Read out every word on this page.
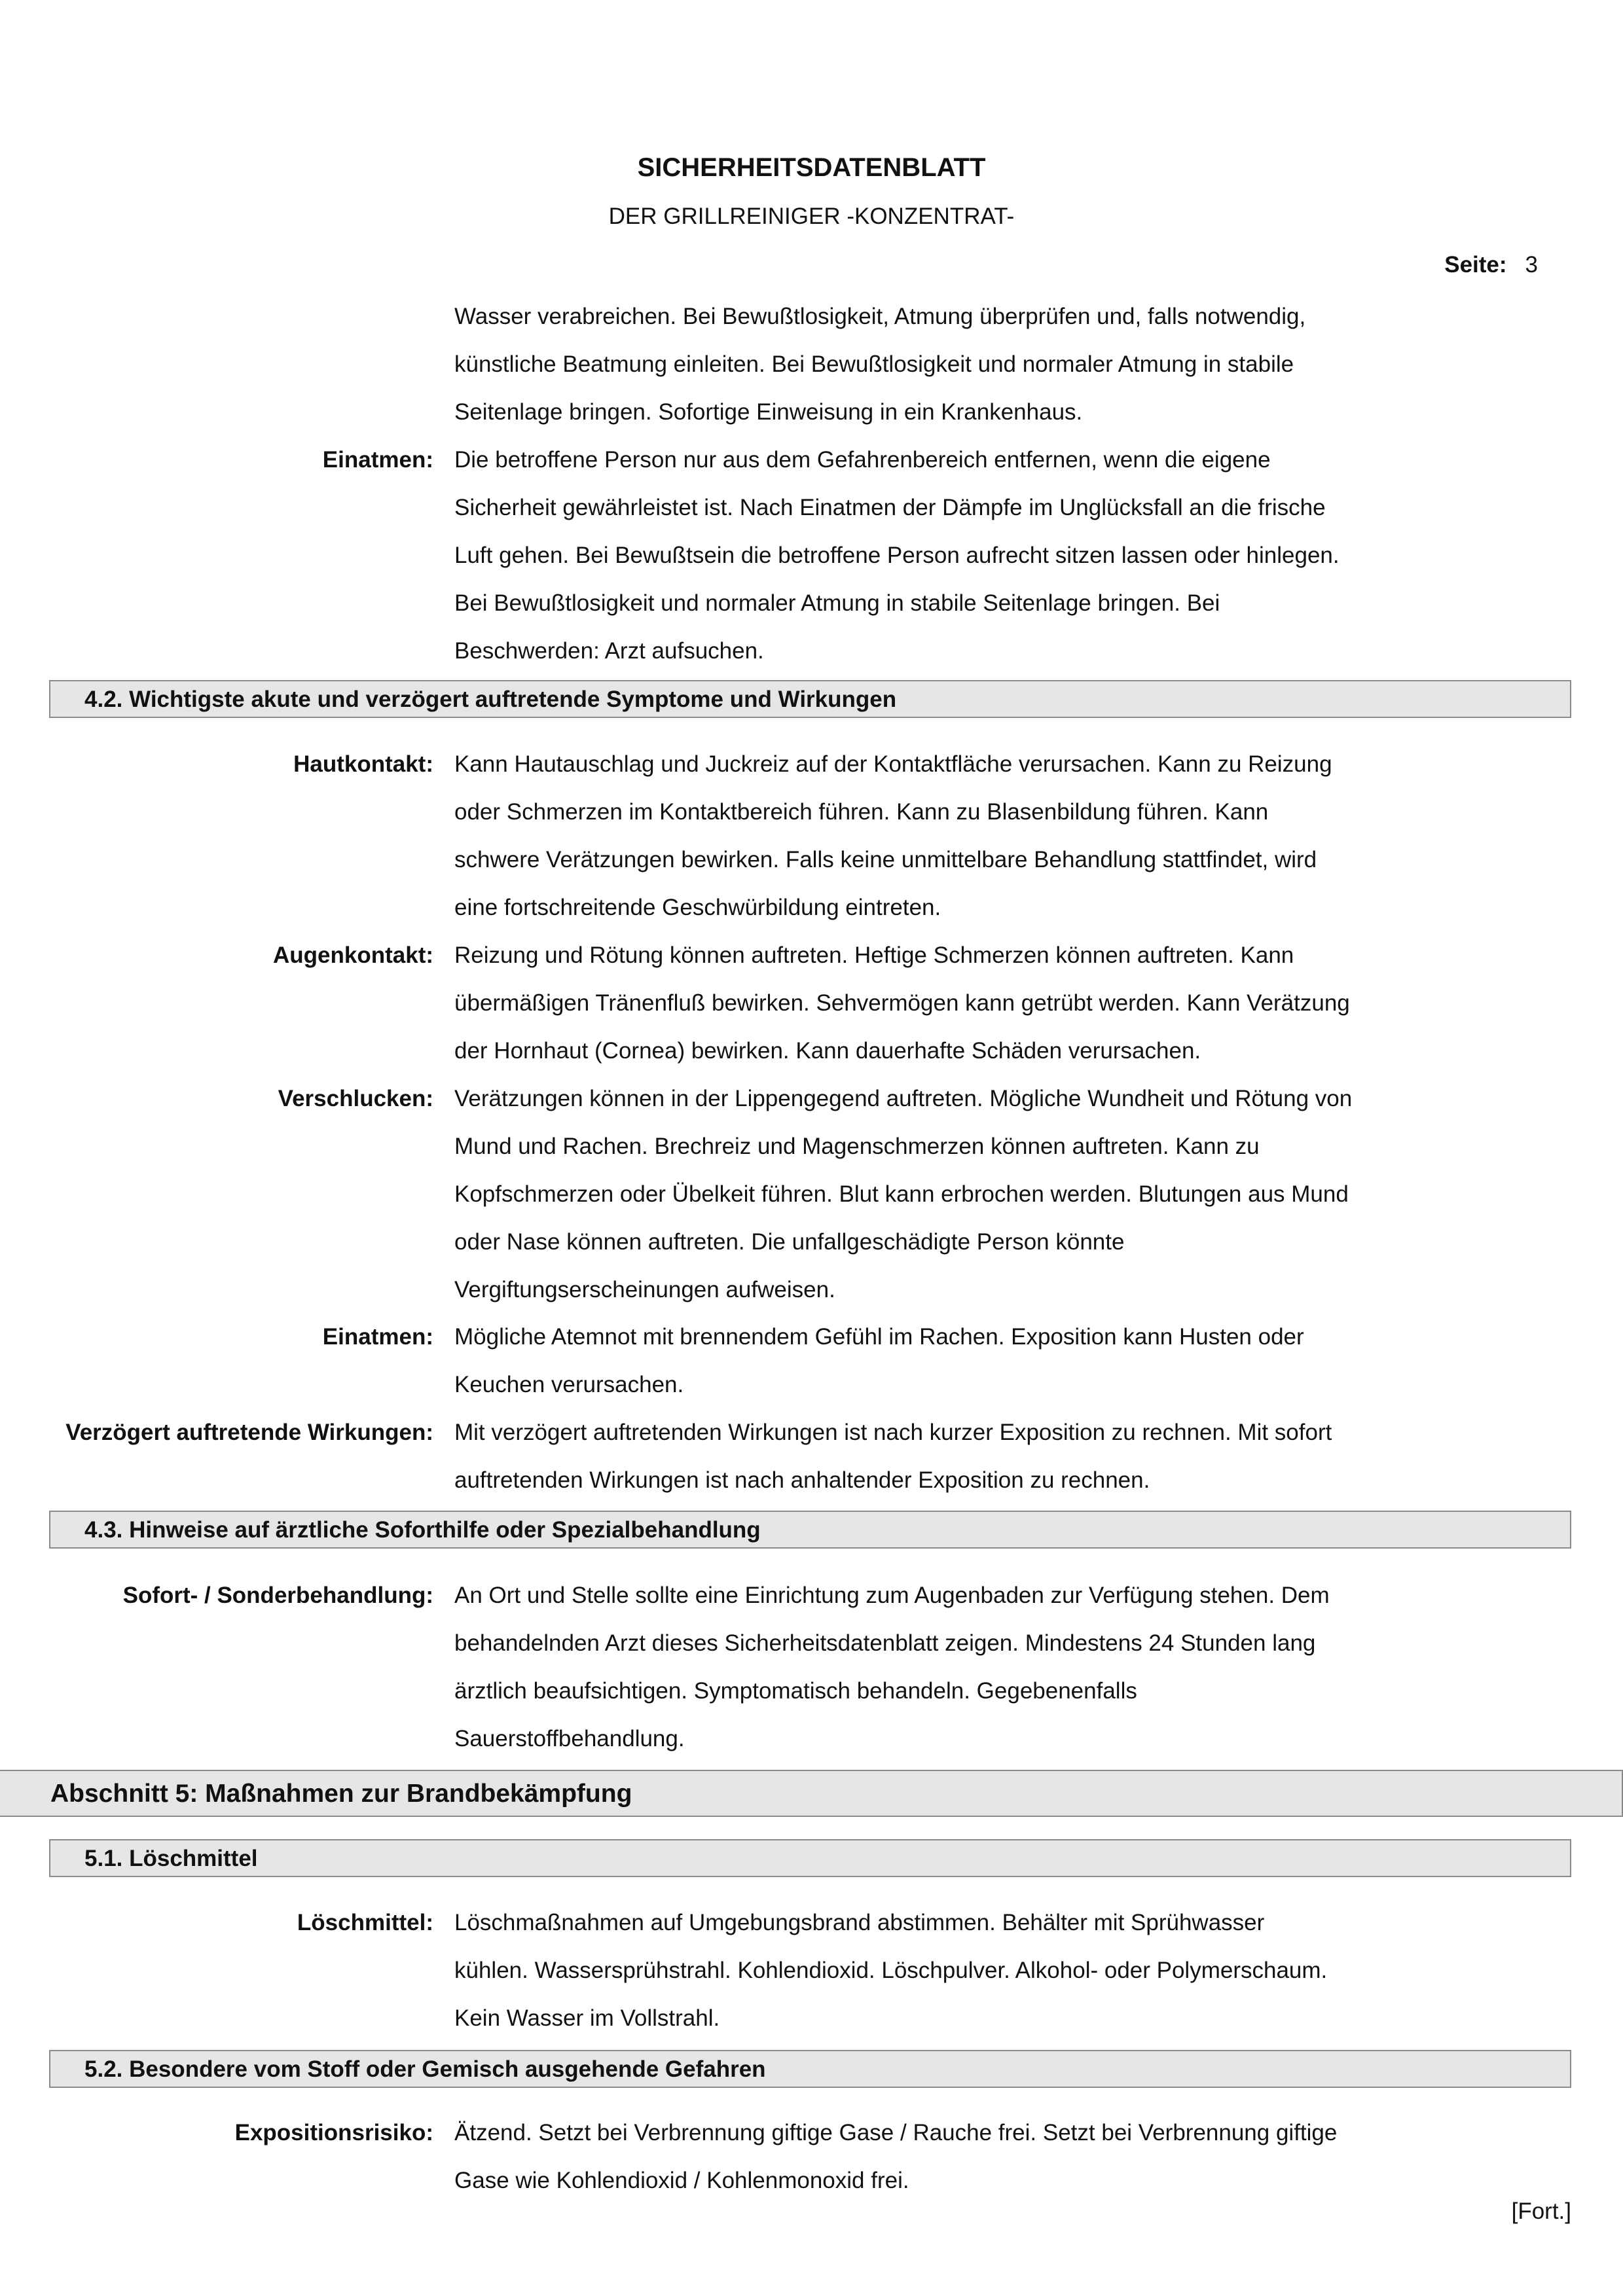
SICHERHEITSDATENBLATT
DER GRILLREINIGER -KONZENTRAT-
Seite: 3
Wasser verabreichen. Bei Bewußtlosigkeit, Atmung überprüfen und, falls notwendig,
künstliche Beatmung einleiten. Bei Bewußtlosigkeit und normaler Atmung in stabile
Seitenlage bringen. Sofortige Einweisung in ein Krankenhaus.
Einatmen: Die betroffene Person nur aus dem Gefahrenbereich entfernen, wenn die eigene
Sicherheit gewährleistet ist. Nach Einatmen der Dämpfe im Unglücksfall an die frische
Luft gehen. Bei Bewußtsein die betroffene Person aufrecht sitzen lassen oder hinlegen.
Bei Bewußtlosigkeit und normaler Atmung in stabile Seitenlage bringen. Bei
Beschwerden: Arzt aufsuchen.
4.2. Wichtigste akute und verzögert auftretende Symptome und Wirkungen
Hautkontakt: Kann Hautauschlag und Juckreiz auf der Kontaktfläche verursachen. Kann zu Reizung
oder Schmerzen im Kontaktbereich führen. Kann zu Blasenbildung führen. Kann
schwere Verätzungen bewirken. Falls keine unmittelbare Behandlung stattfindet, wird
eine fortschreitende Geschwürbildung eintreten.
Augenkontakt: Reizung und Rötung können auftreten. Heftige Schmerzen können auftreten. Kann
übermäßigen Tränenfluß bewirken. Sehvermögen kann getrübt werden. Kann Verätzung
der Hornhaut (Cornea) bewirken. Kann dauerhafte Schäden verursachen.
Verschlucken: Verätzungen können in der Lippengegend auftreten. Mögliche Wundheit und Rötung von
Mund und Rachen. Brechreiz und Magenschmerzen können auftreten. Kann zu
Kopfschmerzen oder Übelkeit führen. Blut kann erbrochen werden. Blutungen aus Mund
oder Nase können auftreten. Die unfallgeschädigte Person könnte
Vergiftungserscheinungen aufweisen.
Einatmen: Mögliche Atemnot mit brennendem Gefühl im Rachen. Exposition kann Husten oder
Keuchen verursachen.
Verzögert auftretende Wirkungen: Mit verzögert auftretenden Wirkungen ist nach kurzer Exposition zu rechnen. Mit sofort
auftretenden Wirkungen ist nach anhaltender Exposition zu rechnen.
4.3. Hinweise auf ärztliche Soforthilfe oder Spezialbehandlung
Sofort- / Sonderbehandlung: An Ort und Stelle sollte eine Einrichtung zum Augenbaden zur Verfügung stehen. Dem
behandelnden Arzt dieses Sicherheitsdatenblatt zeigen. Mindestens 24 Stunden lang
ärztlich beaufsichtigen. Symptomatisch behandeln. Gegebenenfalls
Sauerstoffbehandlung.
Abschnitt 5: Maßnahmen zur Brandbekämpfung
5.1. Löschmittel
Löschmittel: Löschmaßnahmen auf Umgebungsbrand abstimmen. Behälter mit Sprühwasser
kühlen. Wassersprühstrahl. Kohlendioxid. Löschpulver. Alkohol- oder Polymerschaum.
Kein Wasser im Vollstrahl.
5.2. Besondere vom Stoff oder Gemisch ausgehende Gefahren
Expositionsrisiko: Ätzend. Setzt bei Verbrennung giftige Gase / Rauche frei. Setzt bei Verbrennung giftige
Gase wie Kohlendioxid / Kohlenmonoxid frei.
[Fort.]
